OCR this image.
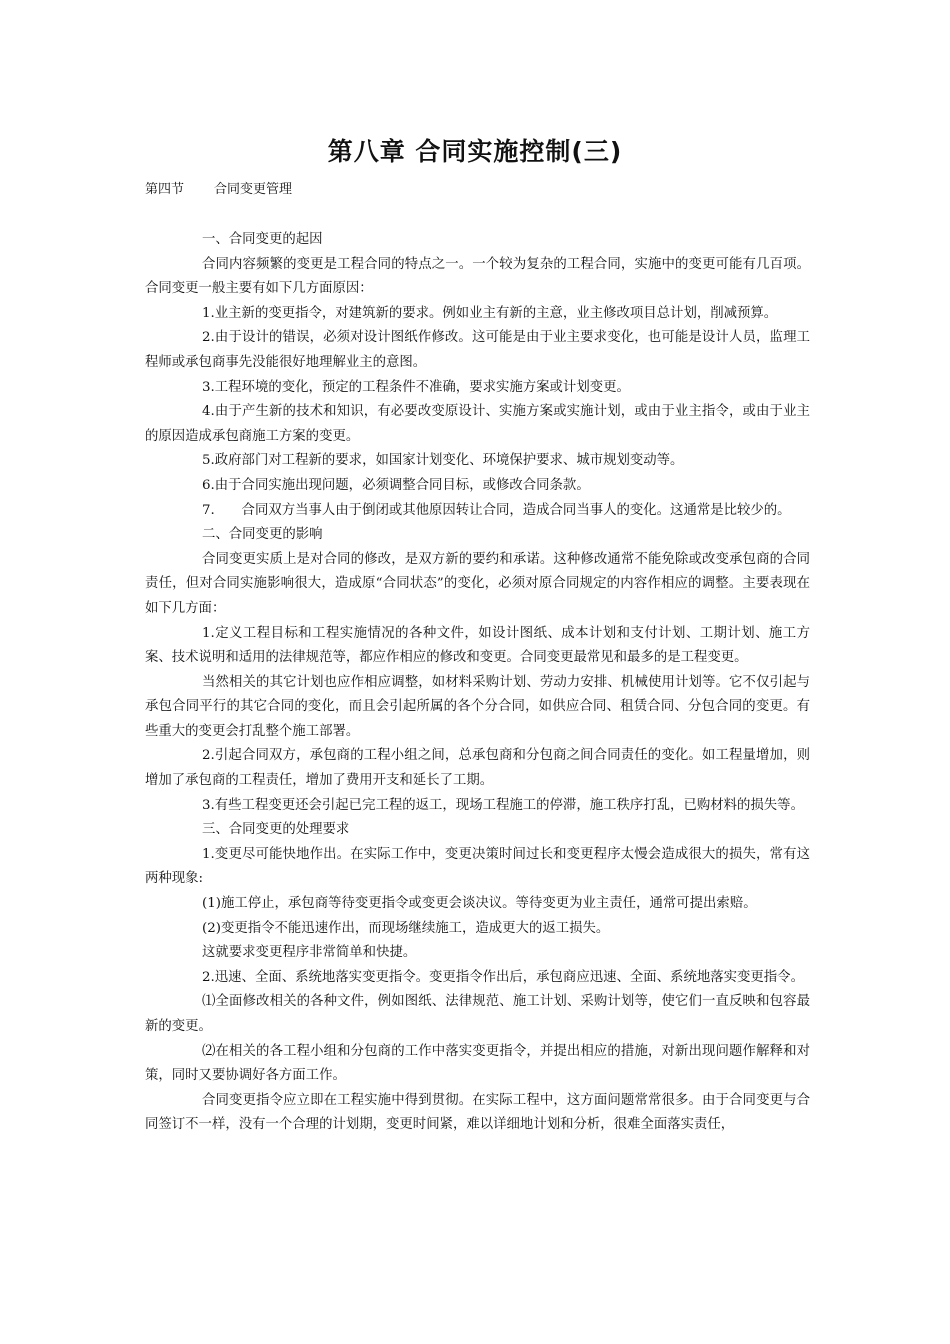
第八章 合同实施控制(三)
第四节 合同变更管理

一、合同变更的起因

合同内容频繁的变更是工程合同的特点之一。一个较为复杂的工程合同，实施中的变更可能有几百项。合同变更一般主要有如下几方面原因：

1.业主新的变更指令，对建筑新的要求。例如业主有新的主意，业主修改项目总计划，削减预算。

2.由于设计的错误，必须对设计图纸作修改。这可能是由于业主要求变化，也可能是设计人员，监理工程师或承包商事先没能很好地理解业主的意图。

3.工程环境的变化，预定的工程条件不准确，要求实施方案或计划变更。

4.由于产生新的技术和知识，有必要改变原设计、实施方案或实施计划，或由于业主指令，或由于业主的原因造成承包商施工方案的变更。

5.政府部门对工程新的要求，如国家计划变化、环境保护要求、城市规划变动等。

6.由于合同实施出现问题，必须调整合同目标，或修改合同条款。

7.　　合同双方当事人由于倒闭或其他原因转让合同，造成合同当事人的变化。这通常是比较少的。

二、合同变更的影响

合同变更实质上是对合同的修改，是双方新的要约和承诺。这种修改通常不能免除或改变承包商的合同责任，但对合同实施影响很大，造成原“合同状态”的变化，必须对原合同规定的内容作相应的调整。主要表现在如下几方面：

1.定义工程目标和工程实施情况的各种文件，如设计图纸、成本计划和支付计划、工期计划、施工方案、技术说明和适用的法律规范等，都应作相应的修改和变更。合同变更最常见和最多的是工程变更。

当然相关的其它计划也应作相应调整，如材料采购计划、劳动力安排、机械使用计划等。它不仅引起与承包合同平行的其它合同的变化，而且会引起所属的各个分合同，如供应合同、租赁合同、分包合同的变更。有些重大的变更会打乱整个施工部署。

2.引起合同双方，承包商的工程小组之间，总承包商和分包商之间合同责任的变化。如工程量增加，则增加了承包商的工程责任，增加了费用开支和延长了工期。

3.有些工程变更还会引起已完工程的返工，现场工程施工的停滞，施工秩序打乱，已购材料的损失等。

三、合同变更的处理要求

1.变更尽可能快地作出。在实际工作中，变更决策时间过长和变更程序太慢会造成很大的损失，常有这两种现象:

(1)施工停止，承包商等待变更指令或变更会谈决议。等待变更为业主责任，通常可提出索赔。

(2)变更指令不能迅速作出，而现场继续施工，造成更大的返工损失。

这就要求变更程序非常简单和快捷。

2.迅速、全面、系统地落实变更指令。变更指令作出后，承包商应迅速、全面、系统地落实变更指令。

⑴全面修改相关的各种文件，例如图纸、法律规范、施工计划、采购计划等，使它们一直反映和包容最新的变更。

⑵在相关的各工程小组和分包商的工作中落实变更指令，并提出相应的措施，对新出现问题作解释和对策，同时又要协调好各方面工作。

合同变更指令应立即在工程实施中得到贯彻。在实际工程中，这方面问题常常很多。由于合同变更与合同签订不一样，没有一个合理的计划期，变更时间紧，难以详细地计划和分析，很难全面落实责任，
